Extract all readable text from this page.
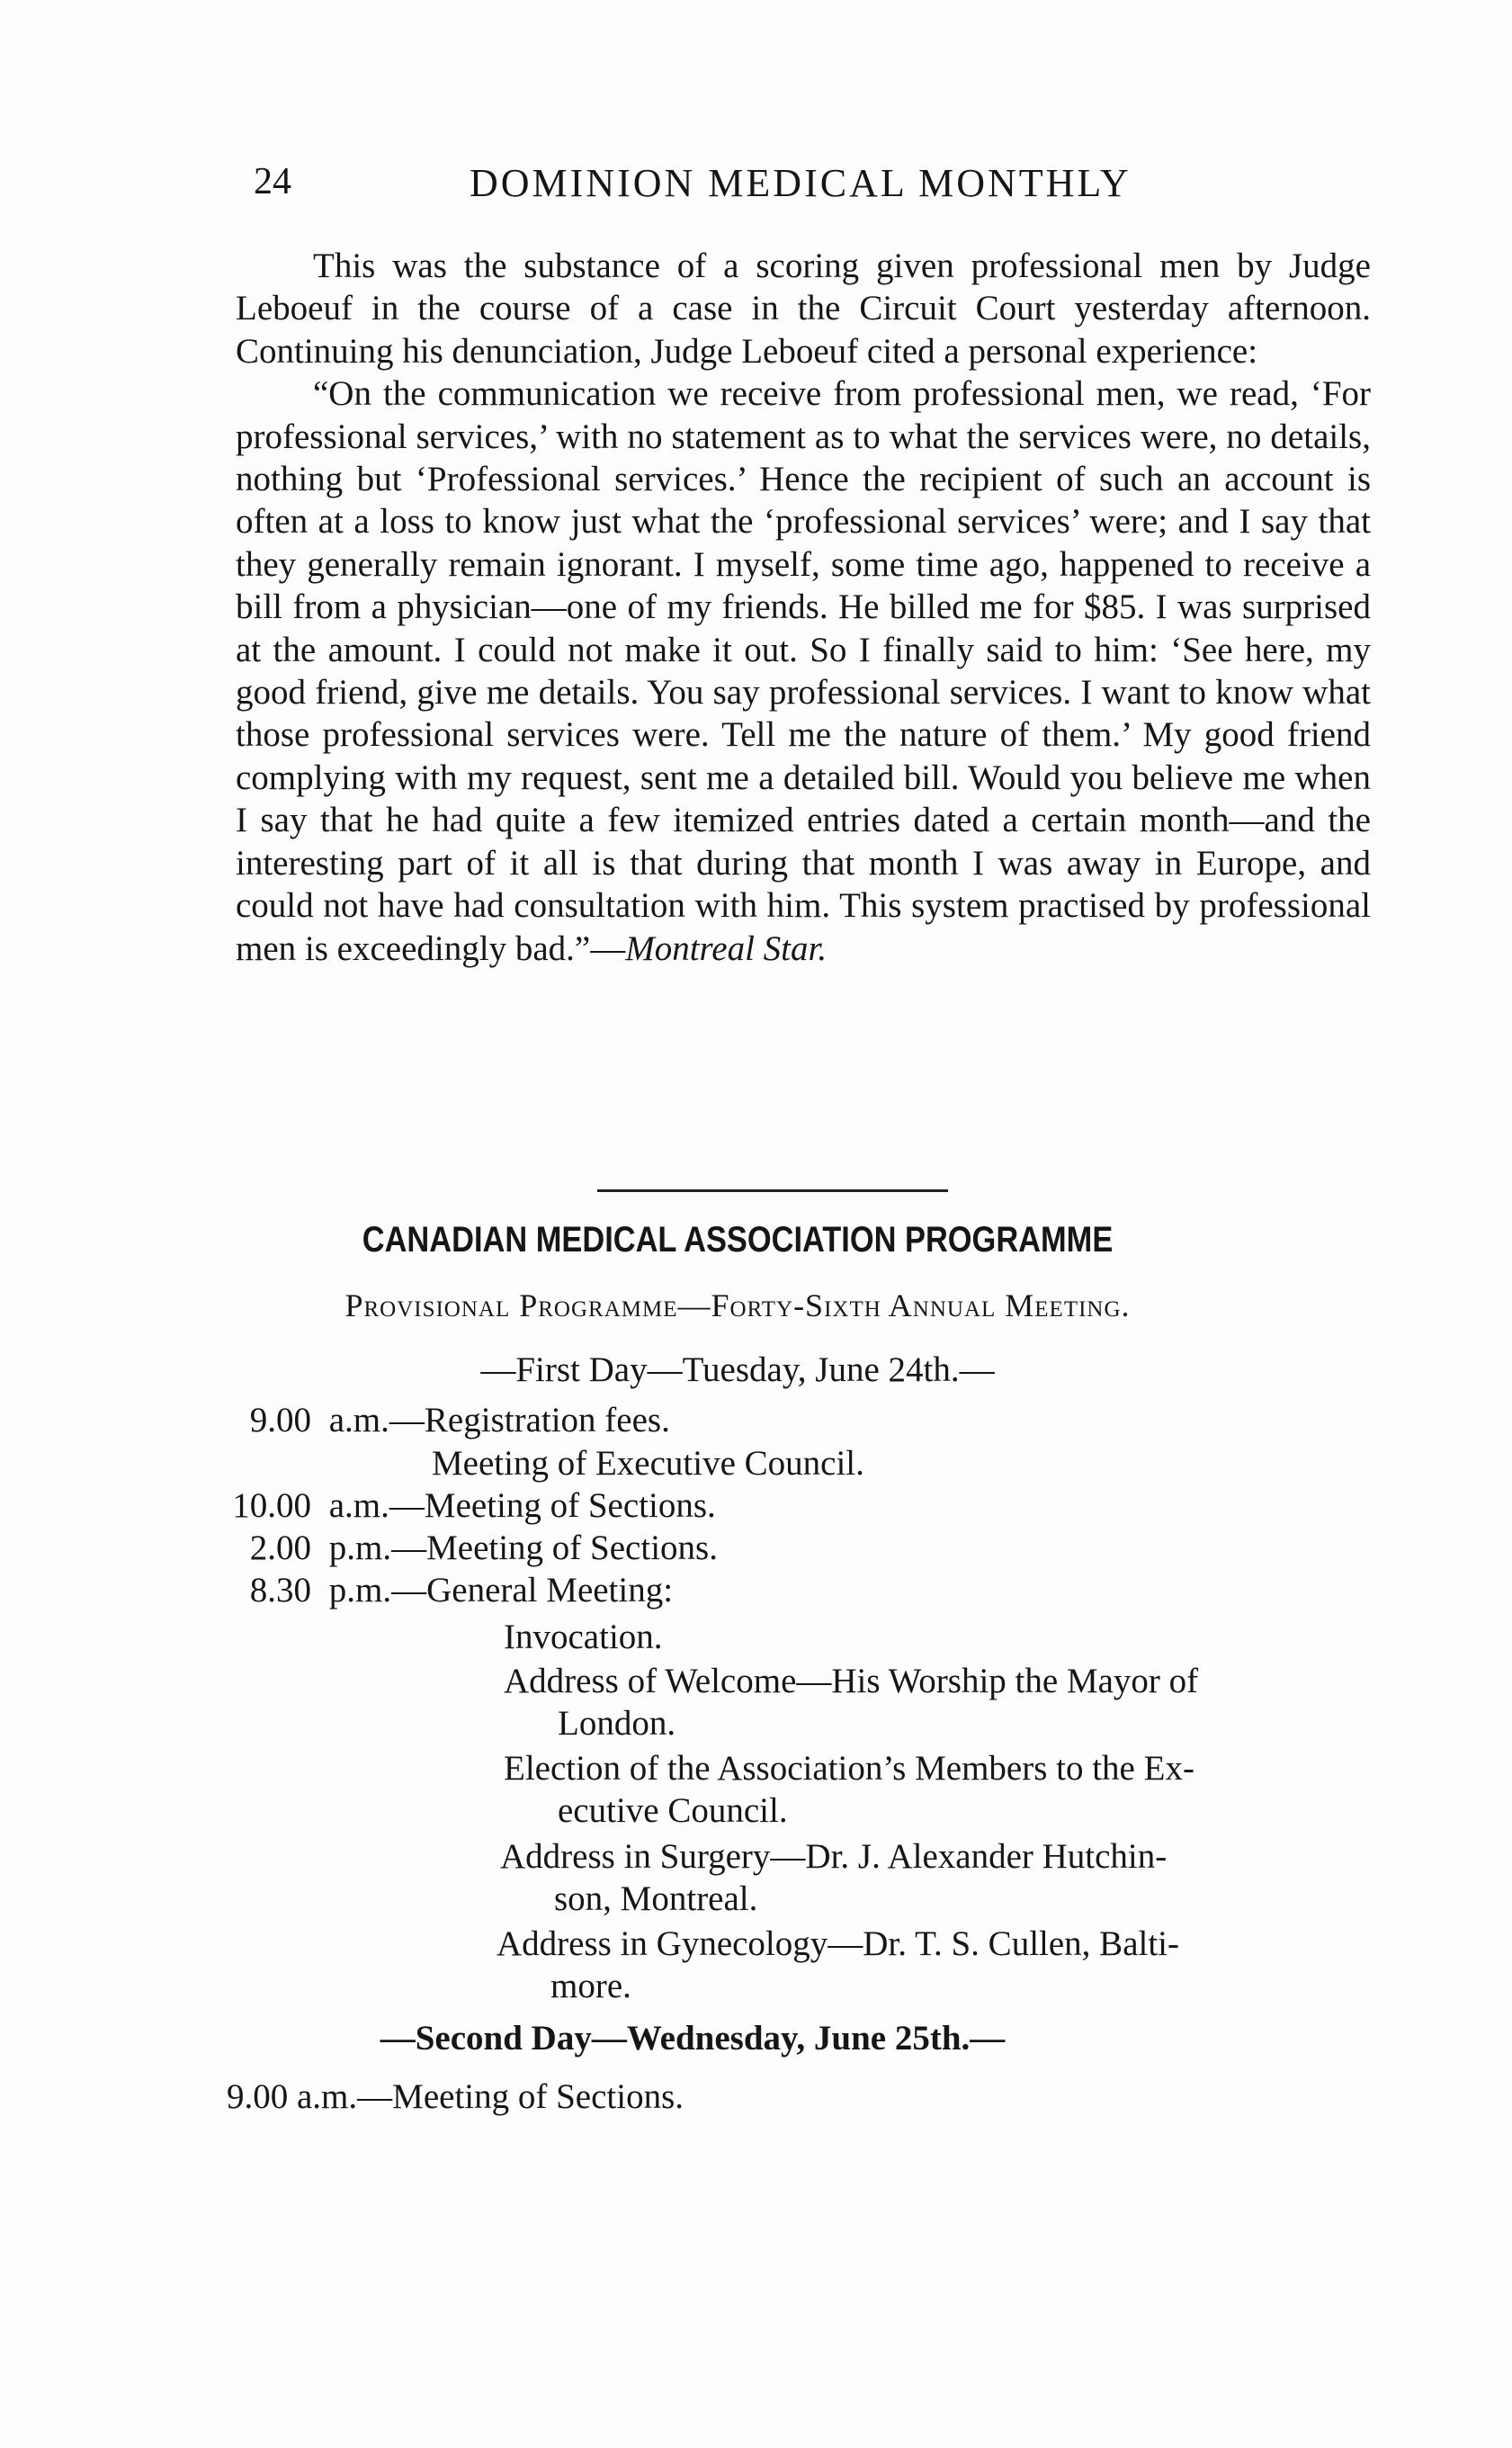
24	DOMINION MEDICAL MONTHLY

This was the substance of a scoring given professional men by Judge Leboeuf in the course of a case in the Circuit Court yesterday afternoon. Continuing his denunciation, Judge Leboeuf cited a personal experience:

“On the communication we receive from professional men, we read, ‘For professional services,’ with no statement as to what the services were, no details, nothing but ‘Professional services.’ Hence the recipient of such an account is often at a loss to know just what the ‘professional services’ were; and I say that they generally remain ignorant. I myself, some time ago, happened to receive a bill from a physician—one of my friends. He billed me for $85. I was surprised at the amount. I could not make it out. So I finally said to him: ‘See here, my good friend, give me details. You say professional services. I want to know what those professional services were. Tell me the nature of them.’ My good friend complying with my request, sent me a detailed bill. Would you believe me when I say that he had quite a few itemized entries dated a certain month—and the interesting part of it all is that during that month I was away in Europe, and could not have had consultation with him. This system practised by professional men is exceedingly bad.”—Montreal Star.

CANADIAN MEDICAL ASSOCIATION PROGRAMME
Provisional Programme—Forty-Sixth Annual Meeting.
—First Day—Tuesday, June 24th.—
9.00 a.m.—Registration fees.
Meeting of Executive Council.
10.00 a.m.—Meeting of Sections.
2.00 p.m.—Meeting of Sections.
8.30 p.m.—General Meeting:
Invocation.
Address of Welcome—His Worship the Mayor of
London.
Election of the Association’s Members to the Ex-
ecutive Council.
Address in Surgery—Dr. J. Alexander Hutchin-
son, Montreal.
Address in Gynecology—Dr. T. S. Cullen, Balti-
more.
—Second Day—Wednesday, June 25th.—
9.00 a.m.—Meeting of Sections.
